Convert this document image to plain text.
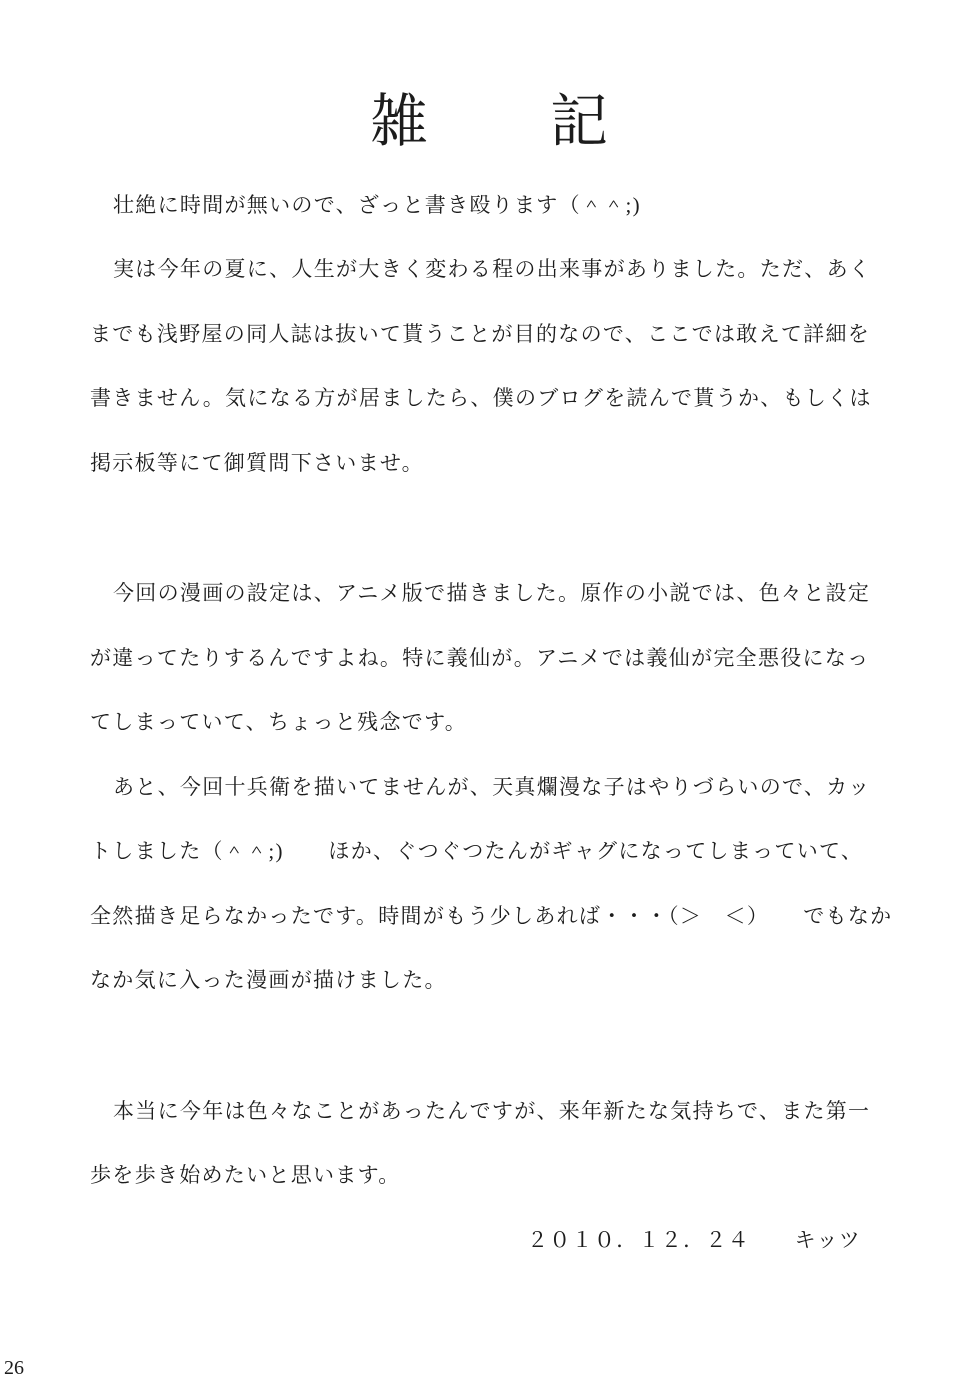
雑　　記

壮絶に時間が無いので、ざっと書き殴ります（＾＾;)

実は今年の夏に、人生が大きく変わる程の出来事がありました。ただ、あく

までも浅野屋の同人誌は抜いて貰うことが目的なので、ここでは敢えて詳細を

書きません。気になる方が居ましたら、僕のブログを読んで貰うか、もしくは

掲示板等にて御質問下さいませ。

今回の漫画の設定は、アニメ版で描きました。原作の小説では、色々と設定

が違ってたりするんですよね。特に義仙が。アニメでは義仙が完全悪役になっ

てしまっていて、ちょっと残念です。

あと、今回十兵衛を描いてませんが、天真爛漫な子はやりづらいので、カッ

トしました（＾＾;)　　ほか、ぐつぐつたんがギャグになってしまっていて、

全然描き足らなかったです。時間がもう少しあれば・・・（＞　＜）　　でもなか

なか気に入った漫画が描けました。

本当に今年は色々なことがあったんですが、来年新たな気持ちで、また第一

歩を歩き始めたいと思います。

２０１０．１２．２４　　キッツ

26
